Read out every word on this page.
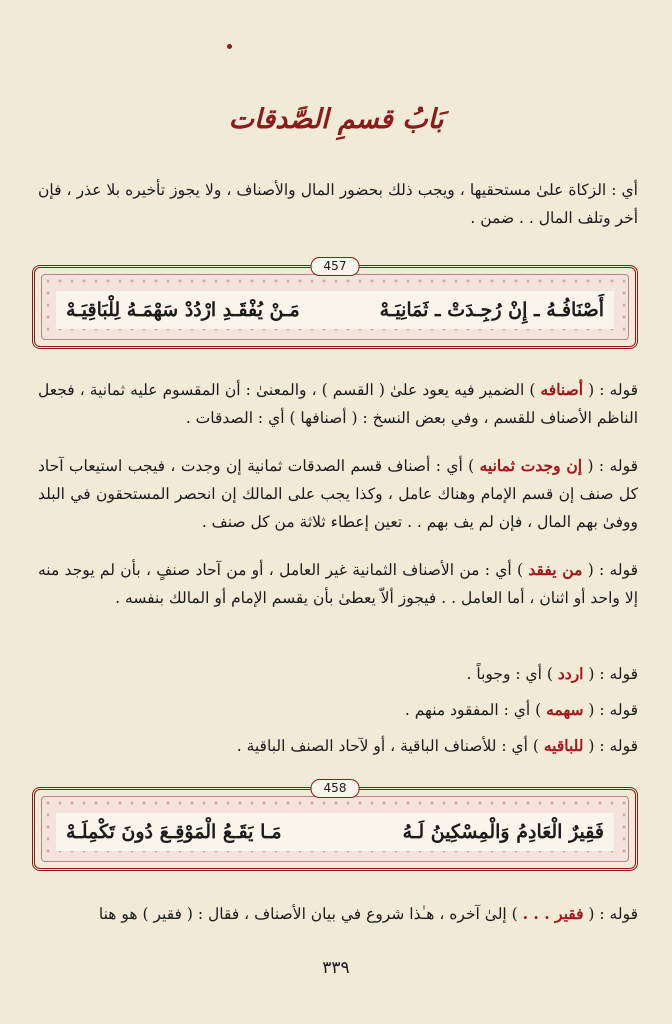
بَابُ قسمِ الصَّدقات

أي : الزكاة علىٰ مستحقيها ، ويجب ذلك بحضور المال والأصناف ، ولا يجوز تأخيره بلا عذر ، فإن أخر وتلف المال . . ضمن .

أَصْنَافُـهُ ـ إِنْ رُجِـدَتْ ـ ثَمَانِيَـهْ
مَـنْ يُفْقَـدِ ارْدُدْ سَهْمَـهُ لِلْبَاقِيَـهْ
457

قوله : ( أصنافه ) الضمير فيه يعود علىٰ ( القسم ) ، والمعنىٰ : أن المقسوم عليه ثمانية ، فجعل الناظم الأصناف للقسم ، وفي بعض النسخ : ( أصنافها ) أي : الصدقات .

قوله : ( إن وجدت ثمانيه ) أي : أصناف قسم الصدقات ثمانية إن وجدت ، فيجب استيعاب آحاد كل صنف إن قسم الإمام وهناك عامل ، وكذا يجب على المالك إن انحصر المستحقون في البلد ووفىٰ بهم المال ، فإن لم يف بهم . . تعين إعطاء ثلاثة من كل صنف .

قوله : ( من يفقد ) أي : من الأصناف الثمانية غير العامل ، أو من آحاد صنفٍ ، بأن لم يوجد منه إلا واحد أو اثنان ، أما العامل . . فيجوز ألاّ يعطىٰ بأن يقسم الإمام أو المالك بنفسه .

قوله : ( اردد ) أي : وجوباً .

قوله : ( سهمه ) أي : المفقود منهم .

قوله : ( للباقيه ) أي : للأصناف الباقية ، أو لآحاد الصنف الباقية .

فَقِيرٌ الْعَادِمُ وَالْمِسْكِينُ لَـهُ
مَـا يَقَـعُ الْمَوْقِـعَ دُونَ تَكْمِلَـهْ
458

قوله : ( فقير . . . ) إلىٰ آخره ، هـٰذا شروع في بيان الأصناف ، فقال : ( فقير ) هو هنا

٣٣٩
